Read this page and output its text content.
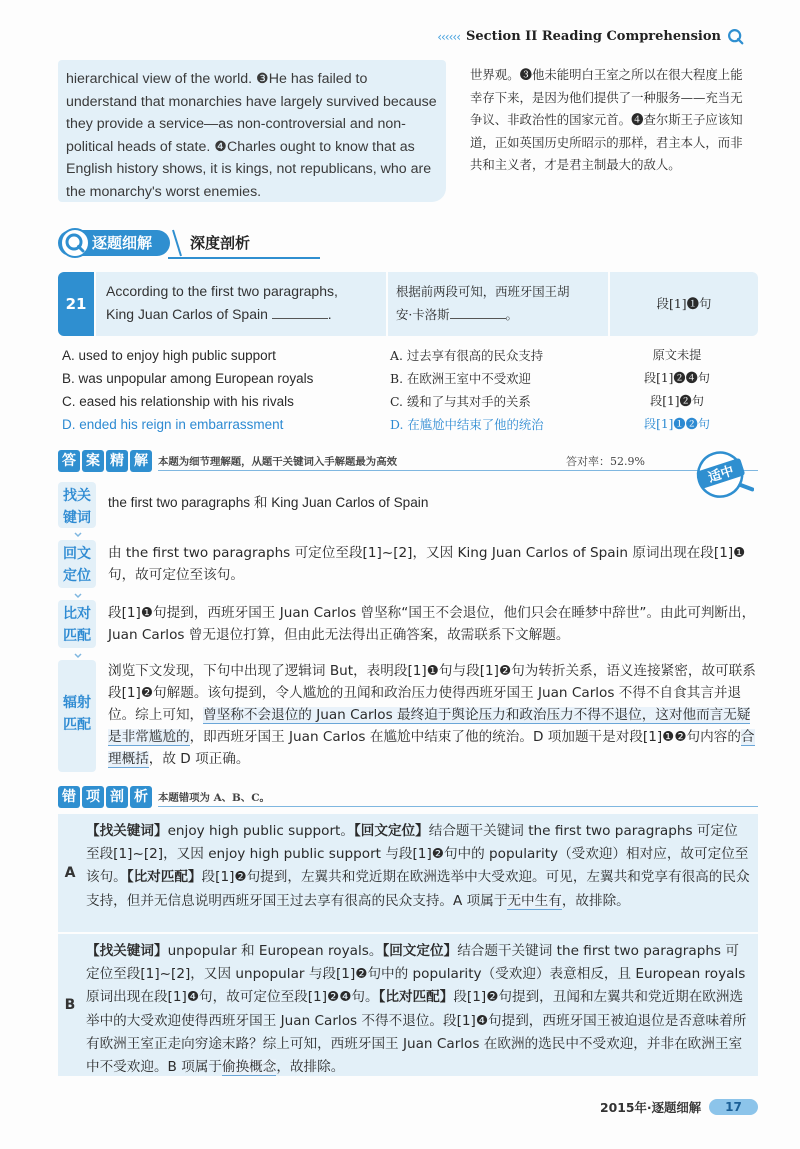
‹‹‹‹‹‹ Section II Reading Comprehension
hierarchical view of the world. ❸He has failed to understand that monarchies have largely survived because they provide a service—as non-controversial and non-political heads of state. ❹Charles ought to know that as English history shows, it is kings, not republicans, who are the monarchy's worst enemies.
世界观。❸他未能明白王室之所以在很大程度上能幸存下来，是因为他们提供了一种服务——充当无争议、非政治性的国家元首。❹查尔斯王子应该知道，正如英国历史所昭示的那样，君主本人，而非共和主义者，才是君主制最大的敌人。
逐题细解	深度剖析
21
According to the first two paragraphs,
King Juan Carlos of Spain	.
根据前两段可知，西班牙国王胡
安·卡洛斯	。
段[1]❶句
A. used to enjoy high public support	A. 过去享有很高的民众支持	原文未提
B. was unpopular among European royals	B. 在欧洲王室中不受欢迎	段[1]❷❹句
C. eased his relationship with his rivals	C. 缓和了与其对手的关系	段[1]❷句
D. ended his reign in embarrassment	D. 在尴尬中结束了他的统治	段[1]❶❷句
答 案 精 解 本题为细节理解题，从题干关键词入手解题最为高效	答对率：52.9%
适中
找关键词
the first two paragraphs 和 King Juan Carlos of Spain
回文定位
由 the first two paragraphs 可定位至段[1]~[2]，又因 King Juan Carlos of Spain 原词出现在段[1]❶句，故可定位至该句。
比对匹配
段[1]❶句提到，西班牙国王 Juan Carlos 曾坚称“国王不会退位，他们只会在睡梦中辞世”。由此可判断出，Juan Carlos 曾无退位打算，但由此无法得出正确答案，故需联系下文解题。
辐射匹配
浏览下文发现，下句中出现了逻辑词 But，表明段[1]❶句与段[1]❷句为转折关系，语义连接紧密，故可联系段[1]❷句解题。该句提到，令人尴尬的丑闻和政治压力使得西班牙国王 Juan Carlos 不得不自食其言并退位。综上可知，曾坚称不会退位的 Juan Carlos 最终迫于舆论压力和政治压力不得不退位，这对他而言无疑是非常尴尬的，即西班牙国王 Juan Carlos 在尴尬中结束了他的统治。D 项加题干是对段[1]❶❷句内容的合理概括，故 D 项正确。
错 项 剖 析 本题错项为 A、B、C。
A
【找关键词】enjoy high public support。【回文定位】结合题干关键词 the first two paragraphs 可定位至段[1]~[2]，又因 enjoy high public support 与段[1]❷句中的 popularity（受欢迎）相对应，故可定位至该句。【比对匹配】段[1]❷句提到，左翼共和党近期在欧洲选举中大受欢迎。可见，左翼共和党享有很高的民众支持，但并无信息说明西班牙国王过去享有很高的民众支持。A 项属于无中生有，故排除。
B
【找关键词】unpopular 和 European royals。【回文定位】结合题干关键词 the first two paragraphs 可定位至段[1]~[2]，又因 unpopular 与段[1]❷句中的 popularity（受欢迎）表意相反，且 European royals 原词出现在段[1]❹句，故可定位至段[1]❷❹句。【比对匹配】段[1]❷句提到，丑闻和左翼共和党近期在欧洲选举中的大受欢迎使得西班牙国王 Juan Carlos 不得不退位。段[1]❹句提到，西班牙国王被迫退位是否意味着所有欧洲王室正走向穷途末路？综上可知，西班牙国王 Juan Carlos 在欧洲的选民中不受欢迎，并非在欧洲王室中不受欢迎。B 项属于偷换概念，故排除。
2015年·逐题细解	17
